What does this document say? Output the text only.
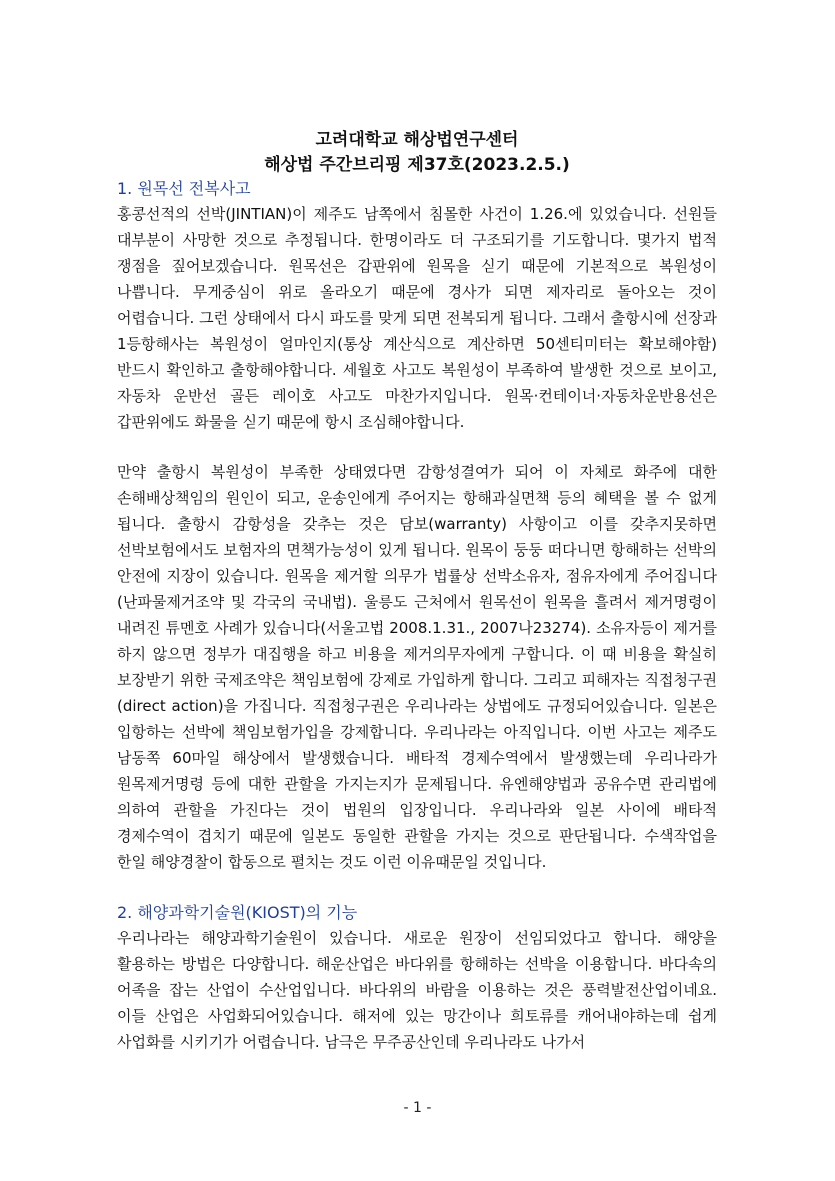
고려대학교 해상법연구센터

해상법 주간브리핑 제37호(2023.2.5.)

1. 원목선 전복사고

홍콩선적의 선박(JINTIAN)이 제주도 남쪽에서 침몰한 사건이 1.26.에 있었습니다. 선원들 대부분이 사망한 것으로 추정됩니다. 한명이라도 더 구조되기를 기도합니다. 몇가지 법적 쟁점을 짚어보겠습니다. 원목선은 갑판위에 원목을 싣기 때문에 기본적으로 복원성이 나쁩니다. 무게중심이 위로 올라오기 때문에 경사가 되면 제자리로 돌아오는 것이 어렵습니다. 그런 상태에서 다시 파도를 맞게 되면 전복되게 됩니다. 그래서 출항시에 선장과 1등항해사는 복원성이 얼마인지(통상 계산식으로 계산하면 50센티미터는 확보해야함) 반드시 확인하고 출항해야합니다. 세월호 사고도 복원성이 부족하여 발생한 것으로 보이고, 자동차 운반선 골든 레이호 사고도 마찬가지입니다. 원목·컨테이너·자동차운반용선은 갑판위에도 화물을 싣기 때문에 항시 조심해야합니다.

만약 출항시 복원성이 부족한 상태였다면 감항성결여가 되어 이 자체로 화주에 대한 손해배상책임의 원인이 되고, 운송인에게 주어지는 항해과실면책 등의 혜택을 볼 수 없게 됩니다. 출항시 감항성을 갖추는 것은 담보(warranty) 사항이고 이를 갖추지못하면 선박보험에서도 보험자의 면책가능성이 있게 됩니다. 원목이 둥둥 떠다니면 항해하는 선박의 안전에 지장이 있습니다. 원목을 제거할 의무가 법률상 선박소유자, 점유자에게 주어집니다(난파물제거조약 및 각국의 국내법). 울릉도 근처에서 원목선이 원목을 흘려서 제거명령이 내려진 튜멘호 사례가 있습니다(서울고법 2008.1.31., 2007나23274). 소유자등이 제거를 하지 않으면 정부가 대집행을 하고 비용을 제거의무자에게 구합니다. 이 때 비용을 확실히 보장받기 위한 국제조약은 책임보험에 강제로 가입하게 합니다. 그리고 피해자는 직접청구권(direct action)을 가집니다. 직접청구권은 우리나라는 상법에도 규정되어있습니다. 일본은 입항하는 선박에 책임보험가입을 강제합니다. 우리나라는 아직입니다. 이번 사고는 제주도 남동쪽 60마일 해상에서 발생했습니다. 배타적 경제수역에서 발생했는데 우리나라가 원목제거명령 등에 대한 관할을 가지는지가 문제됩니다. 유엔해양법과 공유수면 관리법에 의하여 관할을 가진다는 것이 법원의 입장입니다. 우리나라와 일본 사이에 배타적 경제수역이 겹치기 때문에 일본도 동일한 관할을 가지는 것으로 판단됩니다. 수색작업을 한일 해양경찰이 합동으로 펼치는 것도 이런 이유때문일 것입니다.

2. 해양과학기술원(KIOST)의 기능

우리나라는 해양과학기술원이 있습니다. 새로운 원장이 선임되었다고 합니다. 해양을 활용하는 방법은 다양합니다. 해운산업은 바다위를 항해하는 선박을 이용합니다. 바다속의 어족을 잡는 산업이 수산업입니다. 바다위의 바람을 이용하는 것은 풍력발전산업이네요. 이들 산업은 사업화되어있습니다. 해저에 있는 망간이나 희토류를 캐어내야하는데 쉽게 사업화를 시키기가 어렵습니다. 남극은 무주공산인데 우리나라도 나가서

- 1 -
